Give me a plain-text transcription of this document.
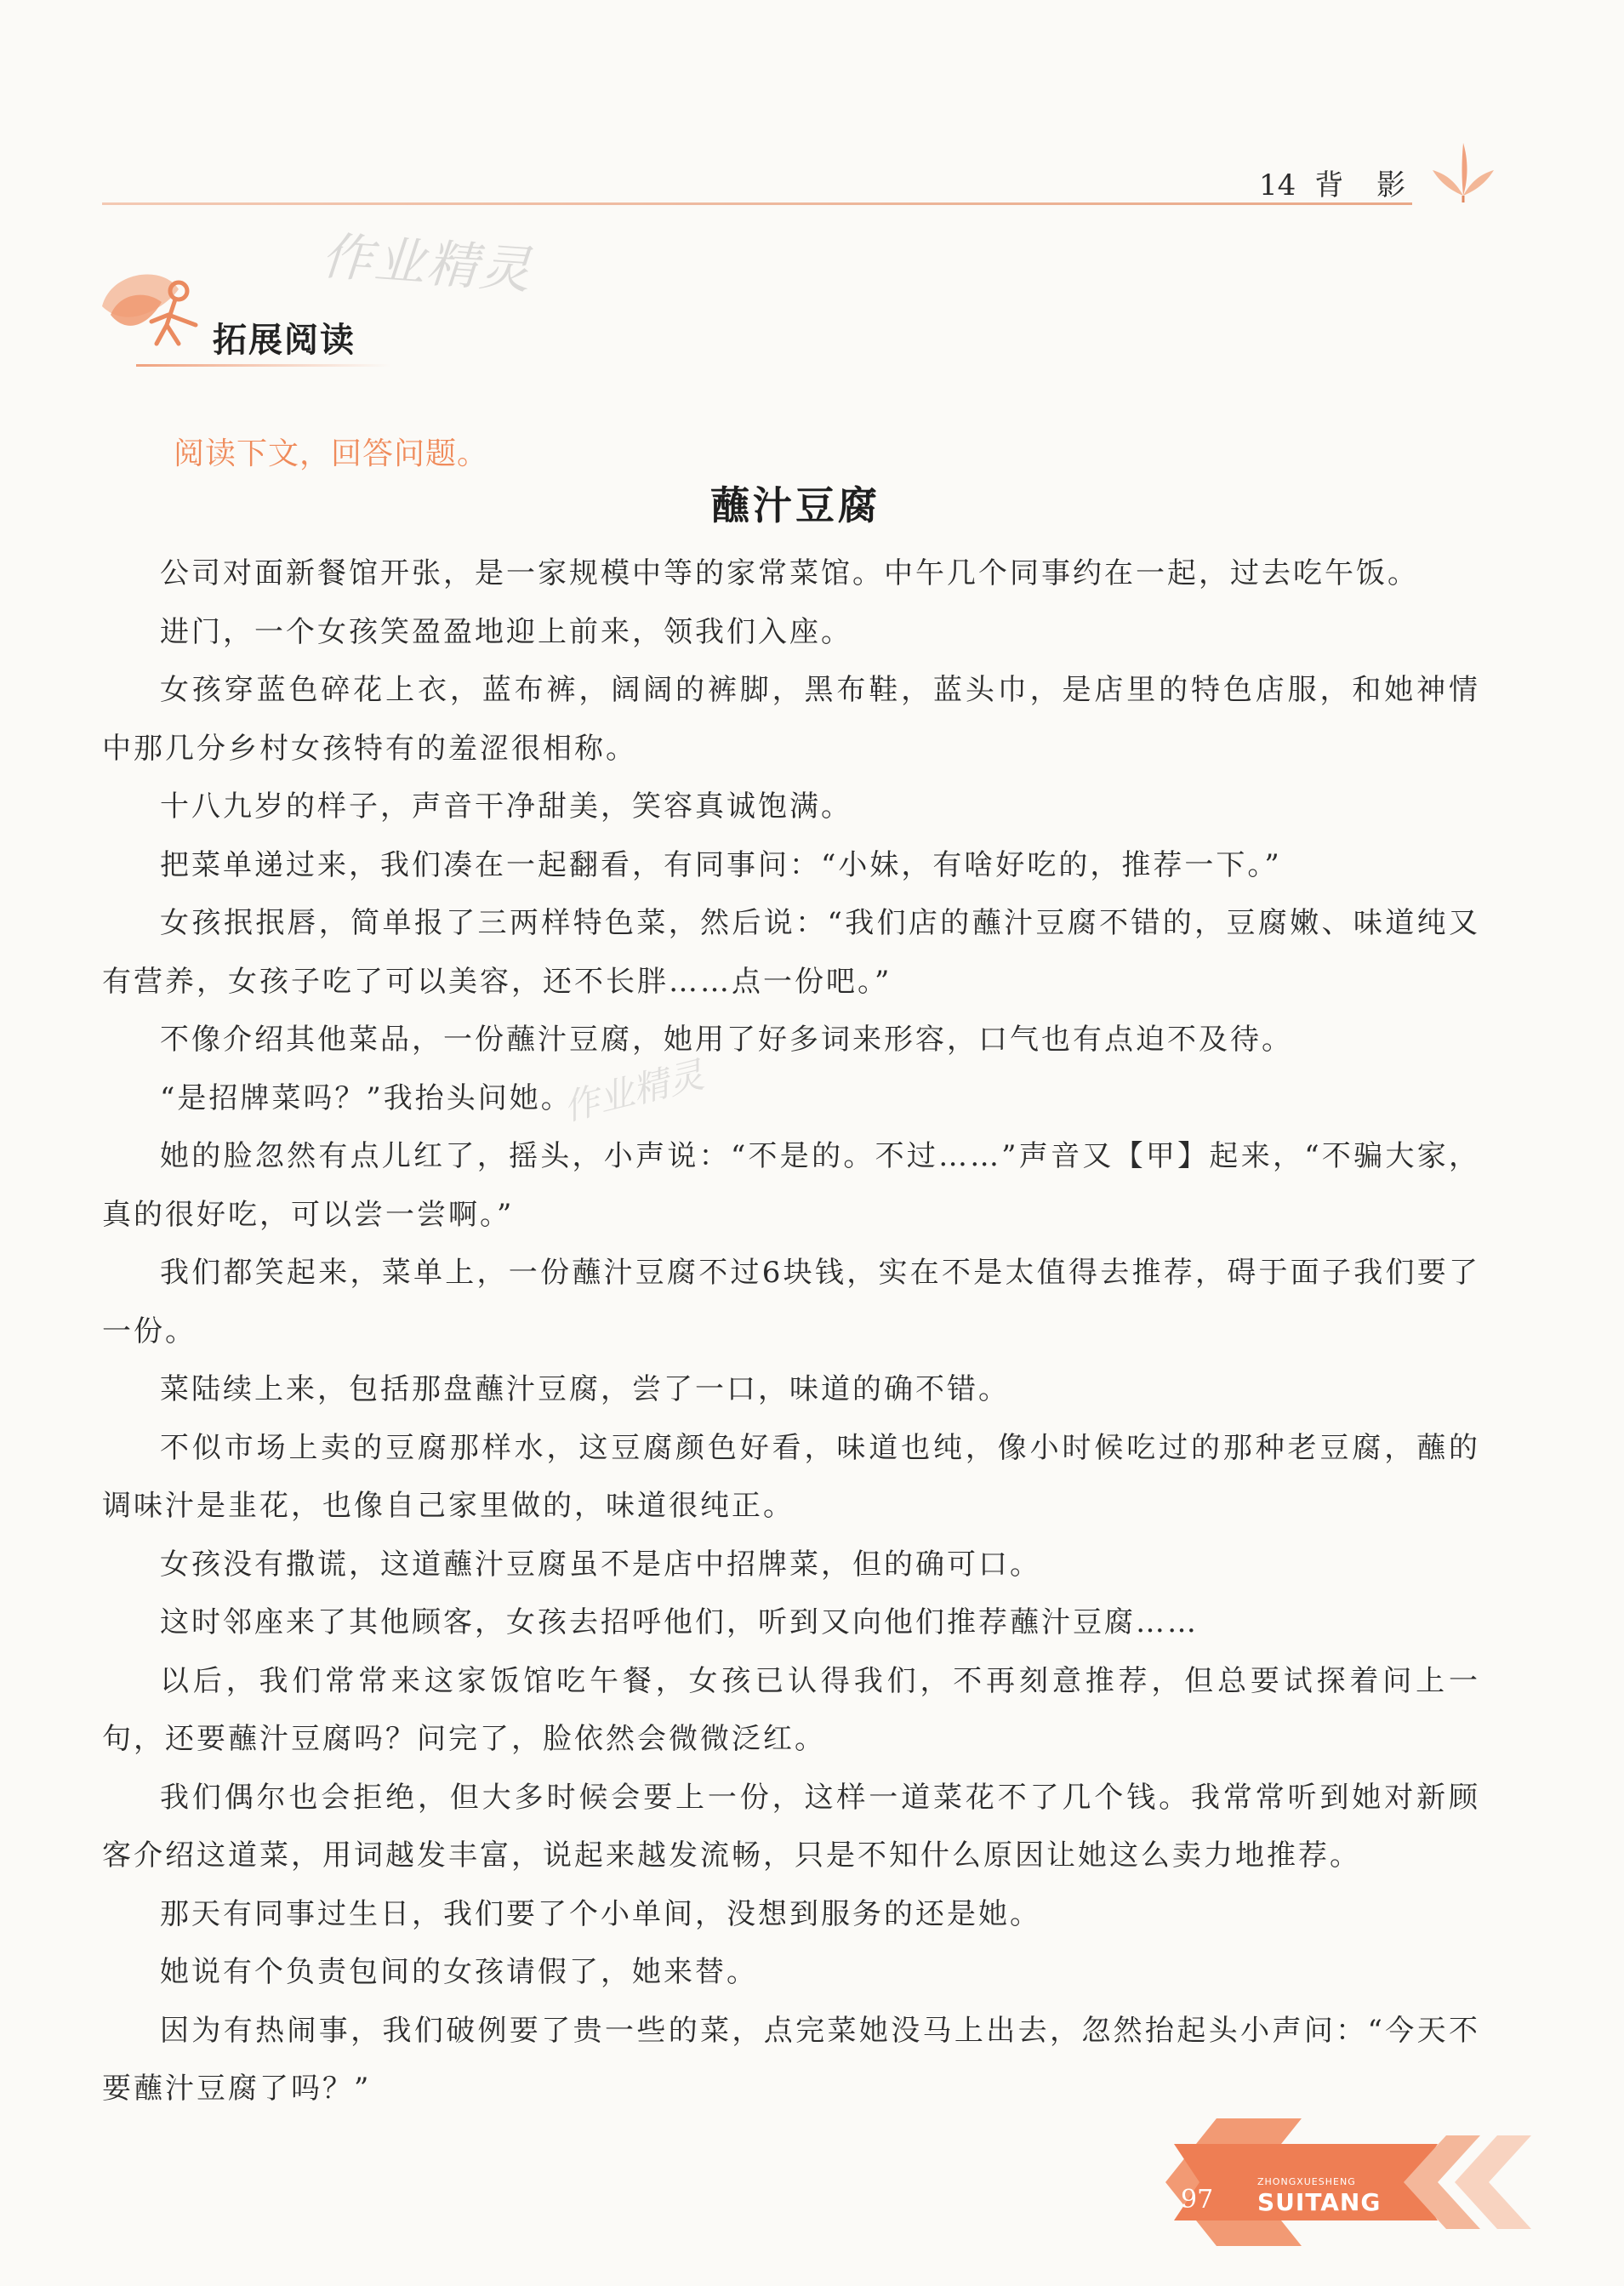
14 背 影
作业精灵
作业精灵
拓展阅读
阅读下文，回答问题。
蘸汁豆腐

公司对面新餐馆开张，是一家规模中等的家常菜馆。中午几个同事约在一起，过去吃午饭。

进门，一个女孩笑盈盈地迎上前来，领我们入座。

女孩穿蓝色碎花上衣，蓝布裤，阔阔的裤脚，黑布鞋，蓝头巾，是店里的特色店服，和她神情中那几分乡村女孩特有的羞涩很相称。

十八九岁的样子，声音干净甜美，笑容真诚饱满。

把菜单递过来，我们凑在一起翻看，有同事问：“小妹，有啥好吃的，推荐一下。”

女孩抿抿唇，简单报了三两样特色菜，然后说：“我们店的蘸汁豆腐不错的，豆腐嫩、味道纯又有营养，女孩子吃了可以美容，还不长胖……点一份吧。”

不像介绍其他菜品，一份蘸汁豆腐，她用了好多词来形容，口气也有点迫不及待。

“是招牌菜吗？”我抬头问她。

她的脸忽然有点儿红了，摇头，小声说：“不是的。不过……”声音又【甲】起来，“不骗大家，真的很好吃，可以尝一尝啊。”

我们都笑起来，菜单上，一份蘸汁豆腐不过6块钱，实在不是太值得去推荐，碍于面子我们要了一份。

菜陆续上来，包括那盘蘸汁豆腐，尝了一口，味道的确不错。

不似市场上卖的豆腐那样水，这豆腐颜色好看，味道也纯，像小时候吃过的那种老豆腐，蘸的调味汁是韭花，也像自己家里做的，味道很纯正。

女孩没有撒谎，这道蘸汁豆腐虽不是店中招牌菜，但的确可口。

这时邻座来了其他顾客，女孩去招呼他们，听到又向他们推荐蘸汁豆腐……

以后，我们常常来这家饭馆吃午餐，女孩已认得我们，不再刻意推荐，但总要试探着问上一句，还要蘸汁豆腐吗？问完了，脸依然会微微泛红。

我们偶尔也会拒绝，但大多时候会要上一份，这样一道菜花不了几个钱。我常常听到她对新顾客介绍这道菜，用词越发丰富，说起来越发流畅，只是不知什么原因让她这么卖力地推荐。

那天有同事过生日，我们要了个小单间，没想到服务的还是她。

她说有个负责包间的女孩请假了，她来替。

因为有热闹事，我们破例要了贵一些的菜，点完菜她没马上出去，忽然抬起头小声问：“今天不要蘸汁豆腐了吗？”

97
ZHONGXUESHENG
SUITANG
